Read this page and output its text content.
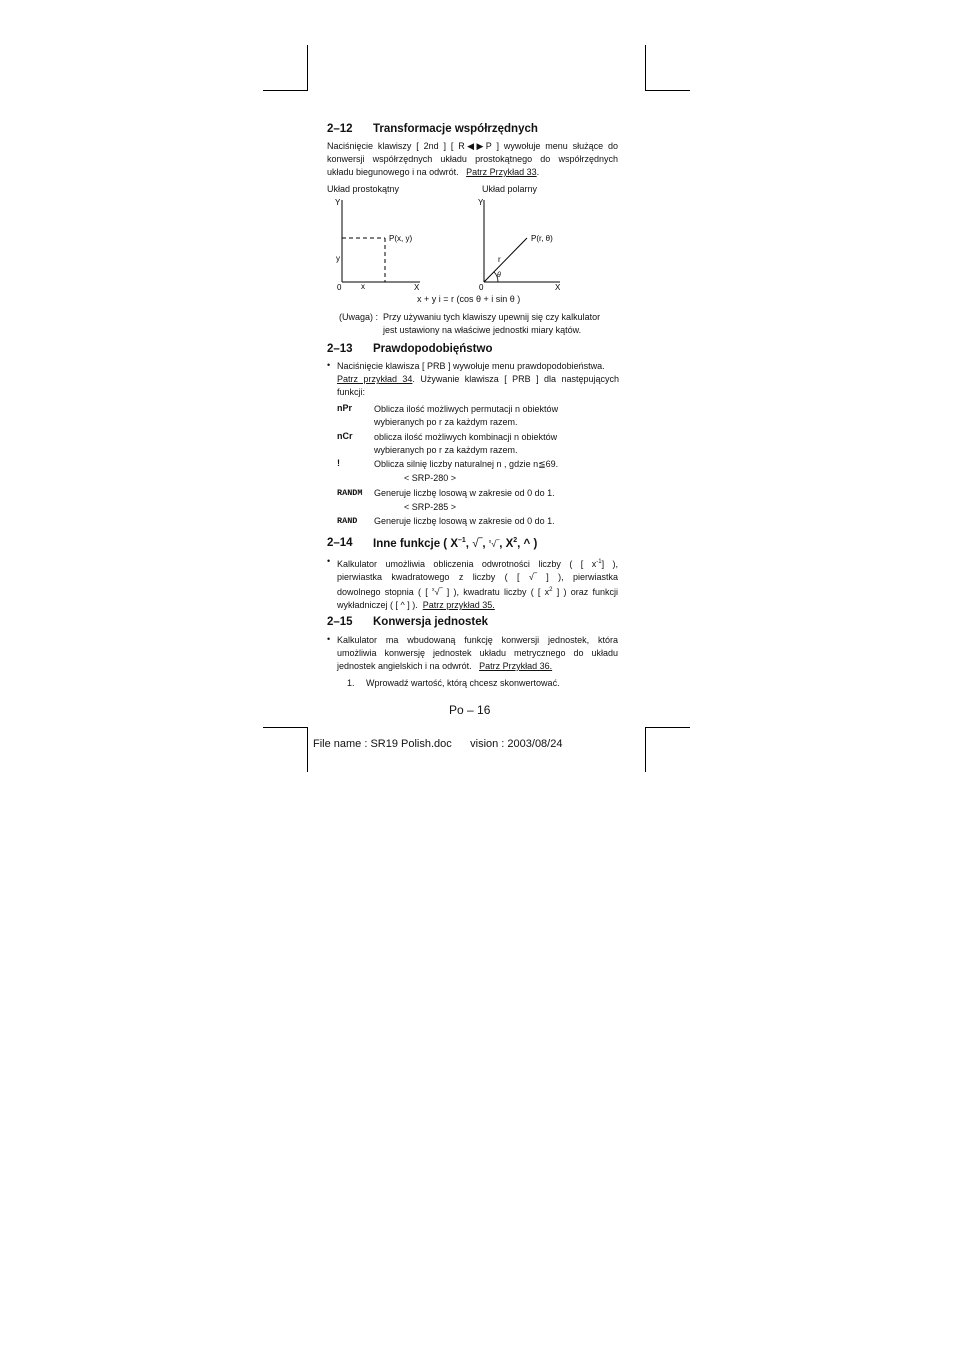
2–12 Transformacje współrzędnych
Naciśnięcie klawiszy [ 2nd ] [ R◀▶P ] wywołuje menu służące do
konwersji współrzędnych układu prostokątnego do współrzędnych
układu biegunowego i na odwrót. Patrz Przykład 33.
Układ prostokątny	Układ polarny
Y
X
0 x
y
P(x, y)
Y
X
0
r
θ
P(r, θ)
x + y i = r (cos θ + i sin θ )
(Uwaga) : Przy używaniu tych klawiszy upewnij się czy kalkulator
jest ustawiony na właściwe jednostki miary kątów.
2–13 Prawdopodobięństwo
• Naciśnięcie klawisza [ PRB ] wywołuje menu prawdopodobieństwa.
Patrz przykład 34. Używanie klawisza [ PRB ] dla następujących
funkcji:
nPr Oblicza ilość możliwych permutacji n obiektów
wybieranych po r za każdym razem.
nCr oblicza ilość możliwych kombinacji n obiektów
wybieranych po r za każdym razem.
!	Oblicza silnię liczby naturalnej n , gdzie n≦69.
< SRP-280 >
RANDM Generuje liczbę losową w zakresie od 0 do 1.
< SRP-285 >
RAND Generuje liczbę losową w zakresie od 0 do 1.
2–14 Inne funkcje ( $X^{-1}$, √‾, $^x$√‾, $X^2$, ^ )
• Kalkulator umożliwia obliczenia odwrotności liczby ( [ $x^{-1}$] ),
pierwiastka kwadratowego z liczby ( [ √‾ ] ), pierwiastka
dowolnego stopnia ( [ $^x$√‾ ] ), kwadratu liczby ( [ $x^2$ ] ) oraz funkcji
wykładniczej ( [ ^ ] ). Patrz przykład 35.
2–15 Konwersja jednostek
• Kalkulator ma wbudowaną funkcję konwersji jednostek, która
umożliwia konwersję jednostek układu metrycznego do układu
jednostek angielskich i na odwrót. Patrz Przykład 36.
1. Wprowadź wartość, którą chcesz skonwertować.
Po – 16
File name : SR19 Polish.doc      vision : 2003/08/24
